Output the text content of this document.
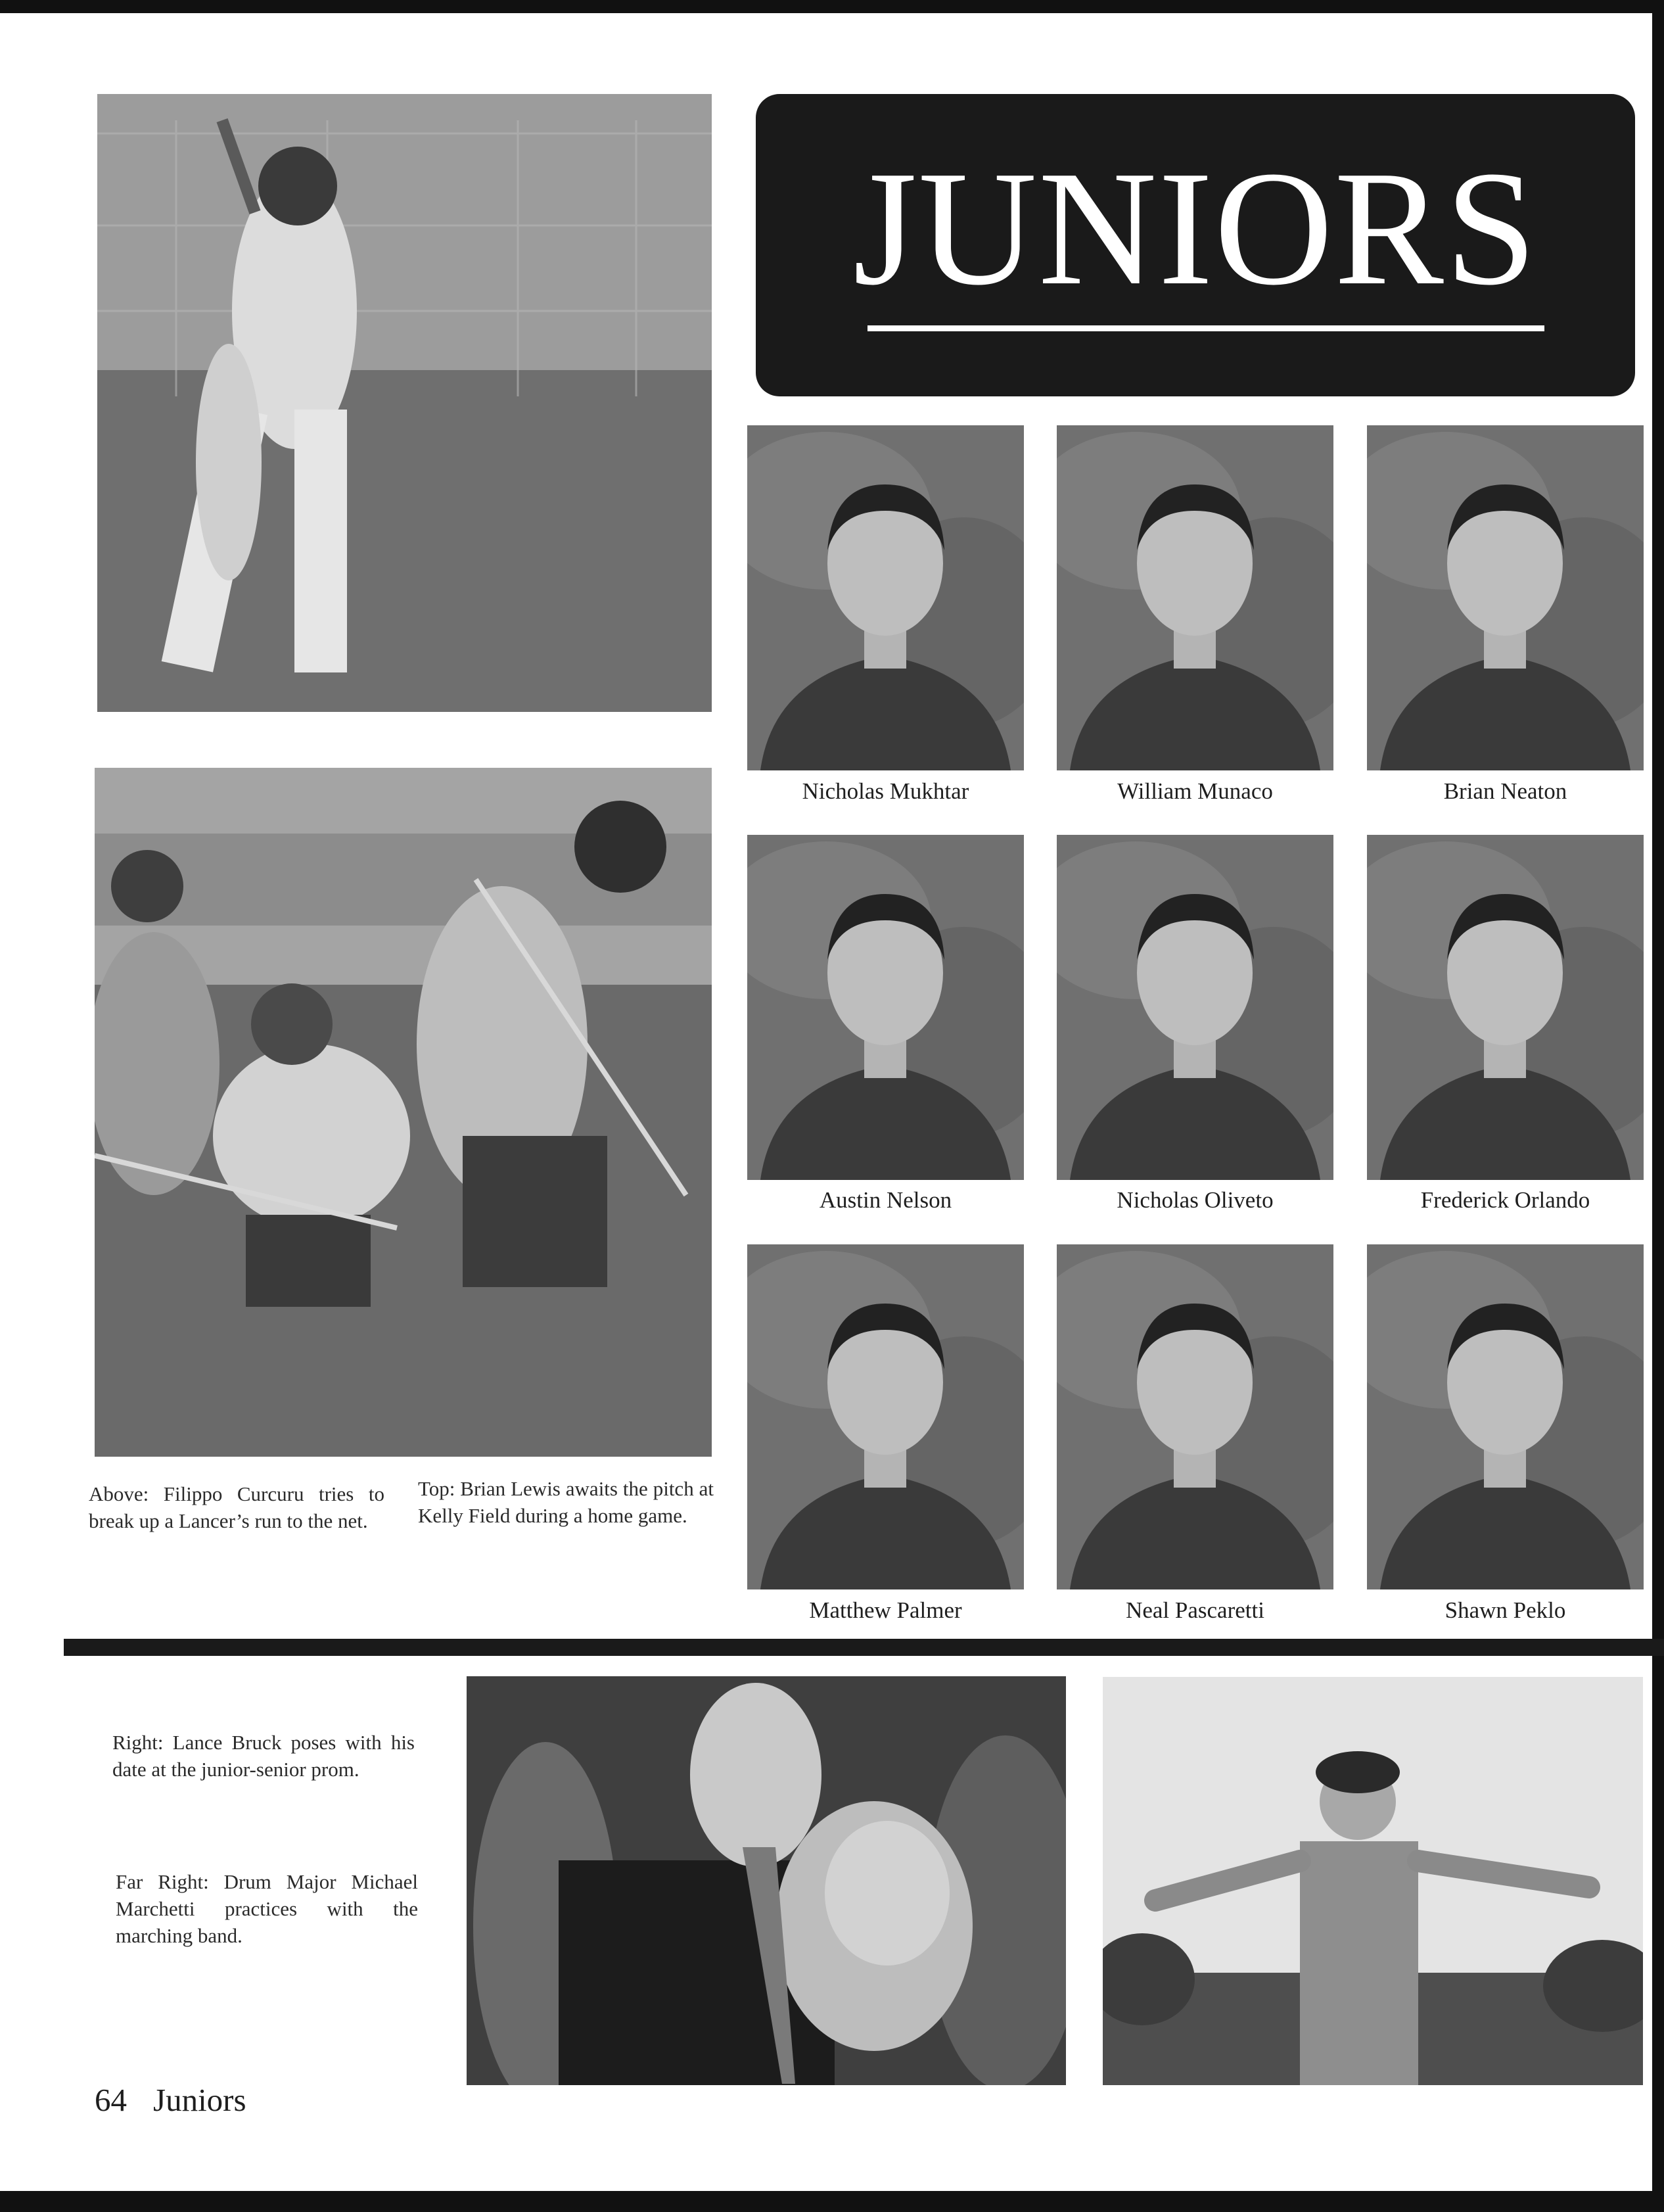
JUNIORS
Nicholas Mukhtar	William Munaco	Brian Neaton
Austin Nelson	Nicholas Oliveto	Frederick Orlando
Matthew Palmer	Neal Pascaretti	Shawn Peklo
Above: Filippo Curcuru tries to break up a Lancer’s run to the net.
Top: Brian Lewis awaits the pitch at Kelly Field during a home game.
Right: Lance Bruck poses with his date at the junior-senior prom.
Far Right: Drum Major Michael Marchetti practices with the marching band.
64 Juniors
